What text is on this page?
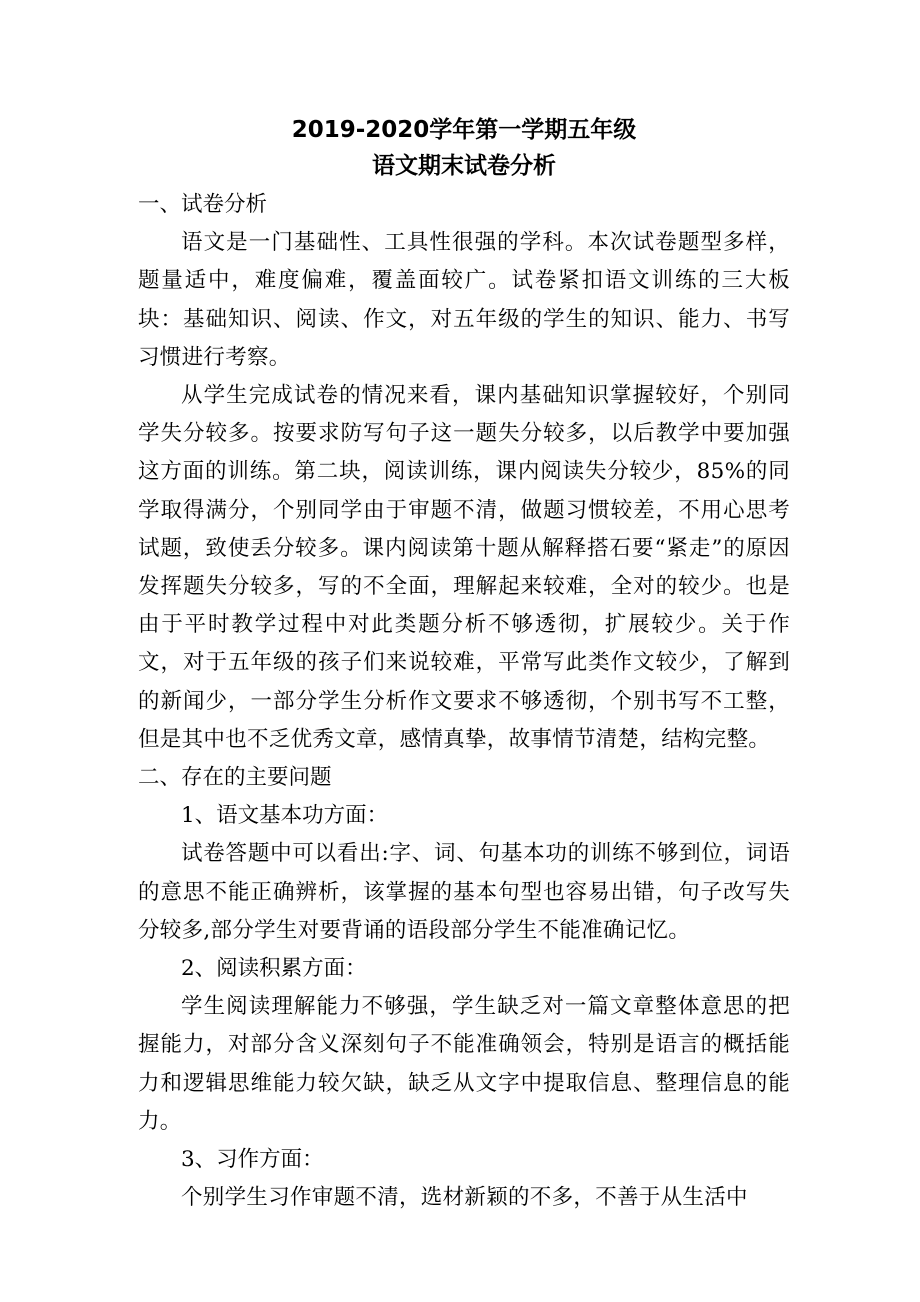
2019-2020学年第一学期五年级
语文期末试卷分析

一、试卷分析

语文是一门基础性、工具性很强的学科。本次试卷题型多样，题量适中，难度偏难，覆盖面较广。试卷紧扣语文训练的三大板块：基础知识、阅读、作文，对五年级的学生的知识、能力、书写习惯进行考察。

从学生完成试卷的情况来看，课内基础知识掌握较好，个别同学失分较多。按要求防写句子这一题失分较多，以后教学中要加强这方面的训练。第二块，阅读训练，课内阅读失分较少，85%的同学取得满分，个别同学由于审题不清，做题习惯较差，不用心思考试题，致使丢分较多。课内阅读第十题从解释搭石要“紧走”的原因发挥题失分较多，写的不全面，理解起来较难，全对的较少。也是由于平时教学过程中对此类题分析不够透彻，扩展较少。关于作文，对于五年级的孩子们来说较难，平常写此类作文较少，了解到的新闻少，一部分学生分析作文要求不够透彻，个别书写不工整，但是其中也不乏优秀文章，感情真挚，故事情节清楚，结构完整。

二、存在的主要问题

1、语文基本功方面：

试卷答题中可以看出:字、词、句基本功的训练不够到位，词语的意思不能正确辨析，该掌握的基本句型也容易出错，句子改写失分较多,部分学生对要背诵的语段部分学生不能准确记忆。

2、阅读积累方面：

学生阅读理解能力不够强，学生缺乏对一篇文章整体意思的把握能力，对部分含义深刻句子不能准确领会，特别是语言的概括能力和逻辑思维能力较欠缺，缺乏从文字中提取信息、整理信息的能力。

3、习作方面：

个别学生习作审题不清，选材新颖的不多，不善于从生活中
